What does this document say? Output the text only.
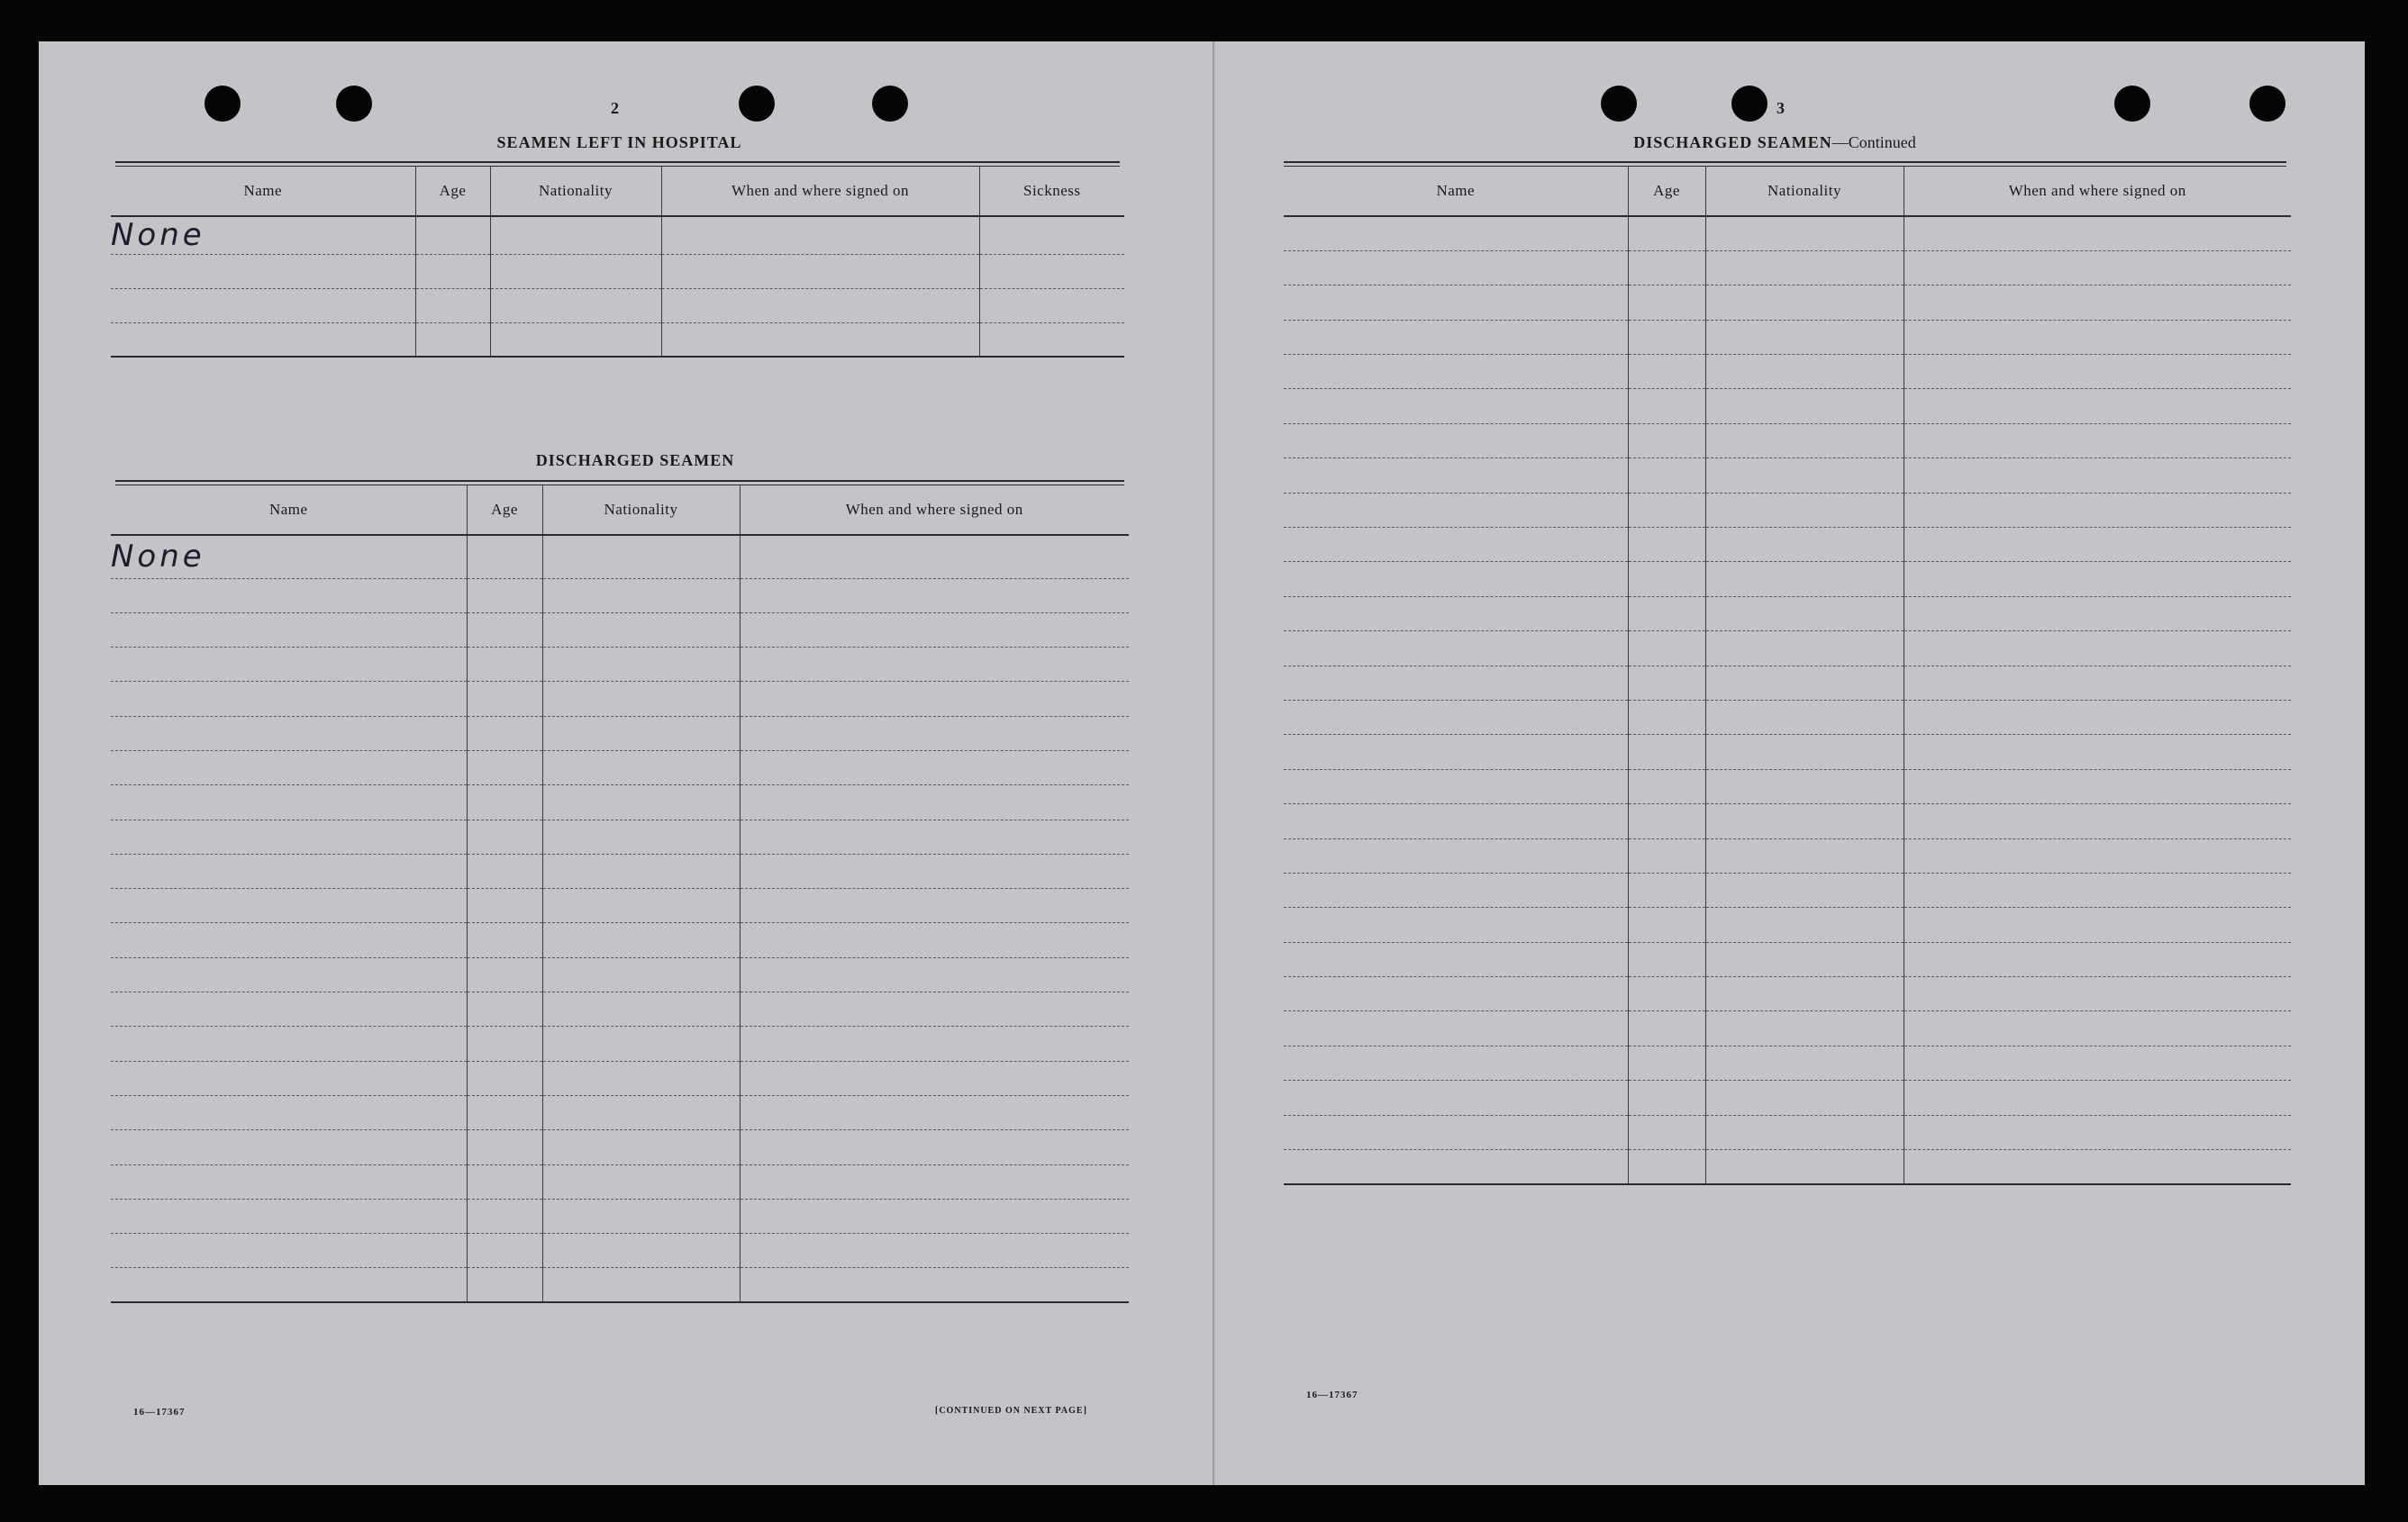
2
SEAMEN LEFT IN HOSPITAL
Name	Age	Nationality	When and where signed on	Sickness
None				

DISCHARGED SEAMEN
Name	Age	Nationality	When and where signed on
None			

16—17367	[CONTINUED ON NEXT PAGE]
3
DISCHARGED SEAMEN—Continued
Name	Age	Nationality	When and where signed on

16—17367
